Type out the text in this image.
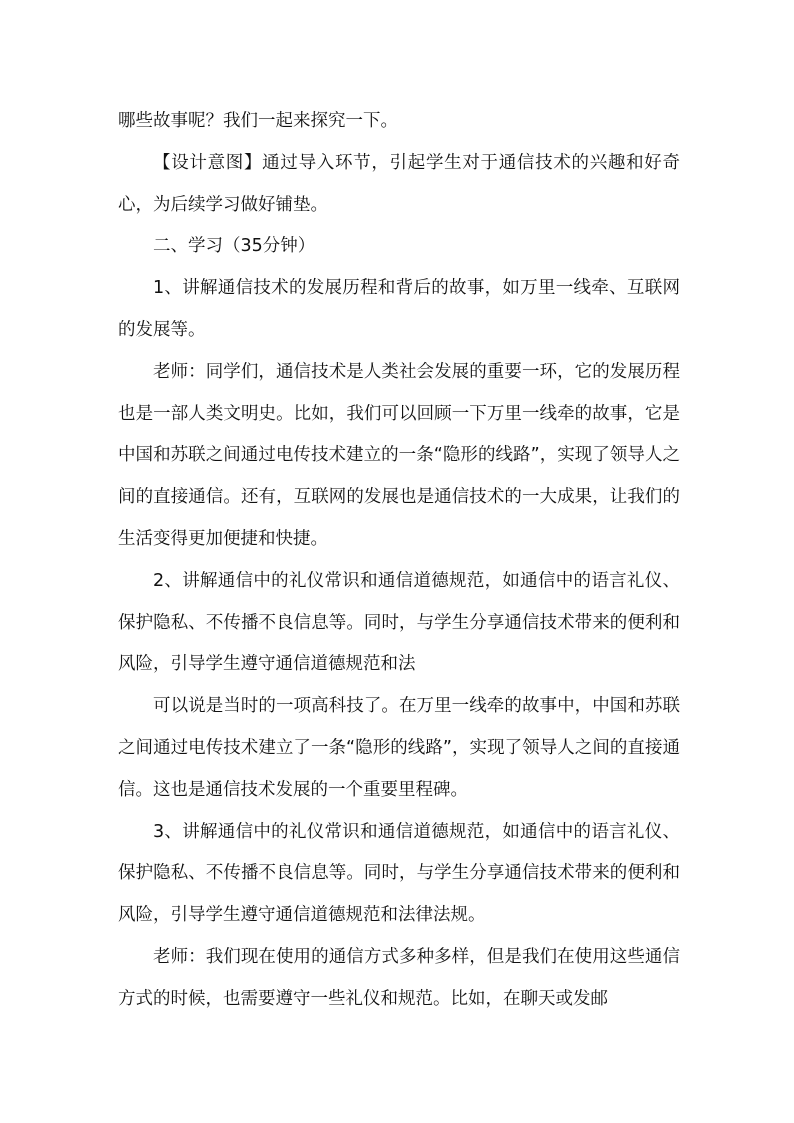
哪些故事呢？我们一起来探究一下。

【设计意图】通过导入环节，引起学生对于通信技术的兴趣和好奇心，为后续学习做好铺垫。

二、学习（35分钟）

1、讲解通信技术的发展历程和背后的故事，如万里一线牵、互联网的发展等。

老师：同学们，通信技术是人类社会发展的重要一环，它的发展历程也是一部人类文明史。比如，我们可以回顾一下万里一线牵的故事，它是中国和苏联之间通过电传技术建立的一条“隐形的线路”，实现了领导人之间的直接通信。还有，互联网的发展也是通信技术的一大成果，让我们的生活变得更加便捷和快捷。

2、讲解通信中的礼仪常识和通信道德规范，如通信中的语言礼仪、保护隐私、不传播不良信息等。同时，与学生分享通信技术带来的便利和风险，引导学生遵守通信道德规范和法

可以说是当时的一项高科技了。在万里一线牵的故事中，中国和苏联之间通过电传技术建立了一条“隐形的线路”，实现了领导人之间的直接通信。这也是通信技术发展的一个重要里程碑。

3、讲解通信中的礼仪常识和通信道德规范，如通信中的语言礼仪、保护隐私、不传播不良信息等。同时，与学生分享通信技术带来的便利和风险，引导学生遵守通信道德规范和法律法规。

老师：我们现在使用的通信方式多种多样，但是我们在使用这些通信方式的时候，也需要遵守一些礼仪和规范。比如，在聊天或发邮
